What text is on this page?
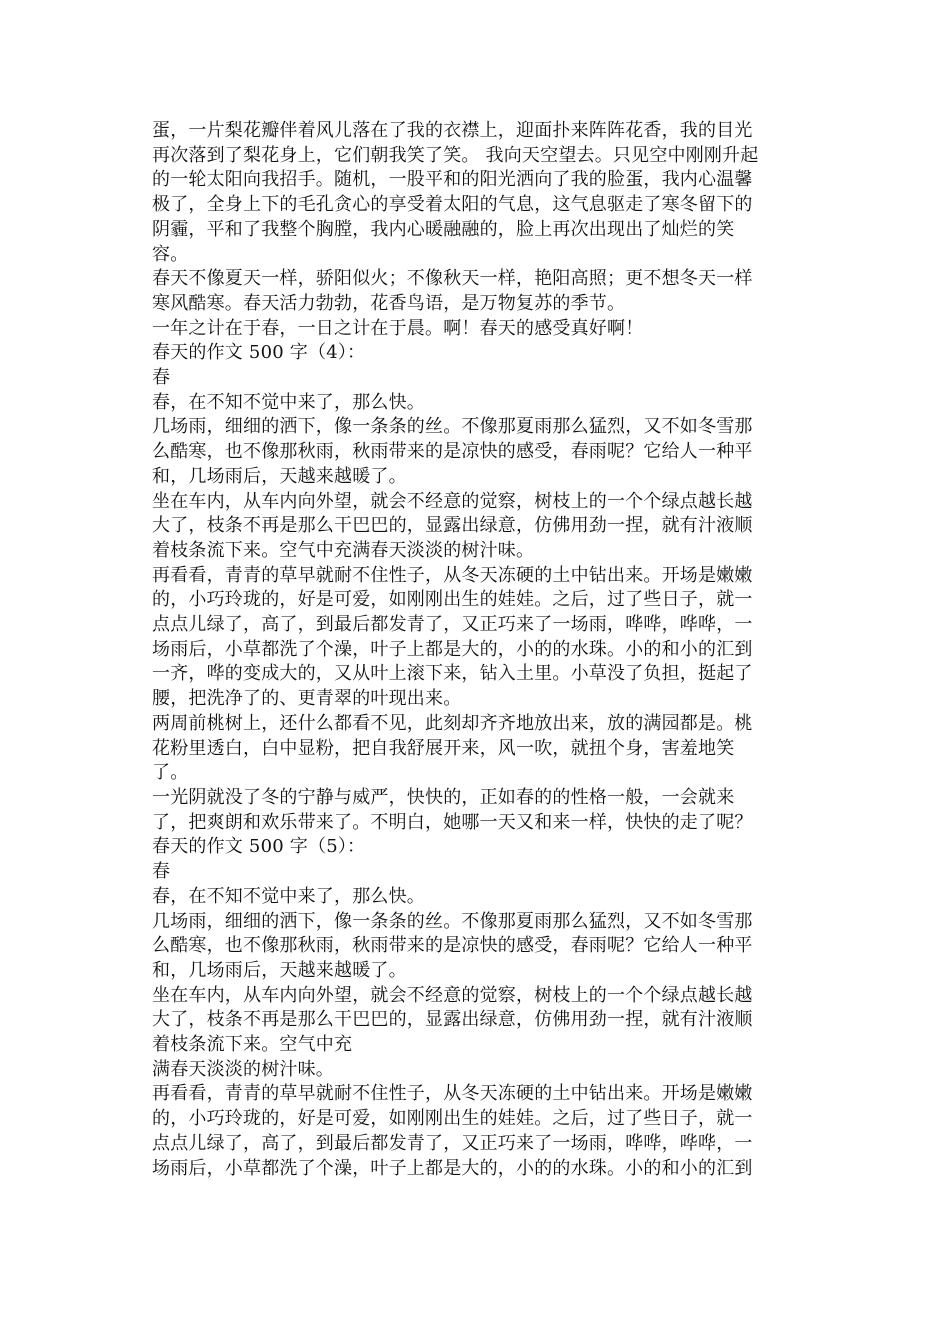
蛋，一片梨花瓣伴着风儿落在了我的衣襟上，迎面扑来阵阵花香，我的目光
再次落到了梨花身上，它们朝我笑了笑。 我向天空望去。只见空中刚刚升起
的一轮太阳向我招手。随机，一股平和的阳光洒向了我的脸蛋，我内心温馨
极了，全身上下的毛孔贪心的享受着太阳的气息，这气息驱走了寒冬留下的
阴霾，平和了我整个胸膛，我内心暖融融的，脸上再次出现出了灿烂的笑
容。
春天不像夏天一样，骄阳似火；不像秋天一样，艳阳高照；更不想冬天一样
寒风酷寒。春天活力勃勃，花香鸟语，是万物复苏的季节。
一年之计在于春，一日之计在于晨。啊！春天的感受真好啊！
春天的作文 500 字（4）：
春
春，在不知不觉中来了，那么快。
几场雨，细细的洒下，像一条条的丝。不像那夏雨那么猛烈，又不如冬雪那
么酷寒，也不像那秋雨，秋雨带来的是凉快的感受，春雨呢？它给人一种平
和，几场雨后，天越来越暖了。
坐在车内，从车内向外望，就会不经意的觉察，树枝上的一个个绿点越长越
大了，枝条不再是那么干巴巴的，显露出绿意，仿佛用劲一捏，就有汁液顺
着枝条流下来。空气中充满春天淡淡的树汁味。
再看看，青青的草早就耐不住性子，从冬天冻硬的土中钻出来。开场是嫩嫩
的，小巧玲珑的，好是可爱，如刚刚出生的娃娃。之后，过了些日子，就一
点点儿绿了，高了，到最后都发青了，又正巧来了一场雨，哗哗，哗哗，一
场雨后，小草都洗了个澡，叶子上都是大的，小的的水珠。小的和小的汇到
一齐，哗的变成大的，又从叶上滚下来，钻入土里。小草没了负担，挺起了
腰，把洗净了的、更青翠的叶现出来。
两周前桃树上，还什么都看不见，此刻却齐齐地放出来，放的满园都是。桃
花粉里透白，白中显粉，把自我舒展开来，风一吹，就扭个身，害羞地笑
了。
一光阴就没了冬的宁静与威严，快快的，正如春的的性格一般，一会就来
了，把爽朗和欢乐带来了。不明白，她哪一天又和来一样，快快的走了呢？
春天的作文 500 字（5）：
春
春，在不知不觉中来了，那么快。
几场雨，细细的洒下，像一条条的丝。不像那夏雨那么猛烈，又不如冬雪那
么酷寒，也不像那秋雨，秋雨带来的是凉快的感受，春雨呢？它给人一种平
和，几场雨后，天越来越暖了。
坐在车内，从车内向外望，就会不经意的觉察，树枝上的一个个绿点越长越
大了，枝条不再是那么干巴巴的，显露出绿意，仿佛用劲一捏，就有汁液顺
着枝条流下来。空气中充
满春天淡淡的树汁味。
再看看，青青的草早就耐不住性子，从冬天冻硬的土中钻出来。开场是嫩嫩
的，小巧玲珑的，好是可爱，如刚刚出生的娃娃。之后，过了些日子，就一
点点儿绿了，高了，到最后都发青了，又正巧来了一场雨，哗哗，哗哗，一
场雨后，小草都洗了个澡，叶子上都是大的，小的的水珠。小的和小的汇到
